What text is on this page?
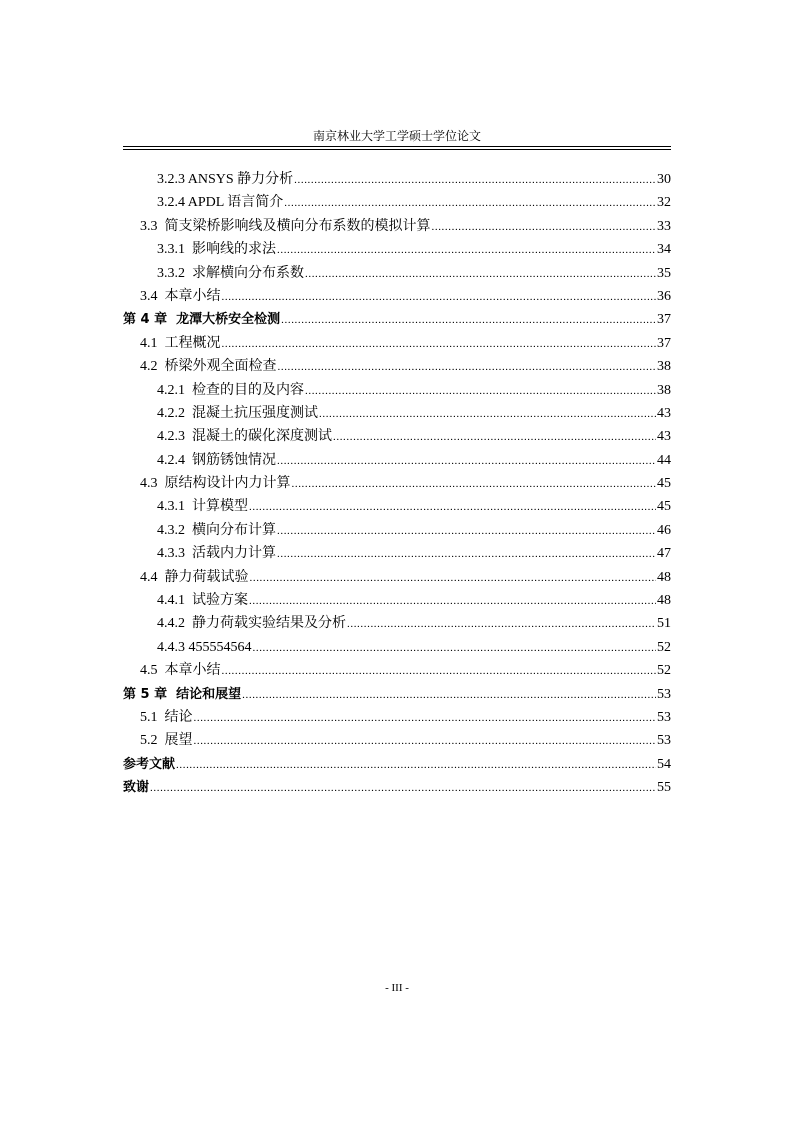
南京林业大学工学硕士学位论文
3.2.3 ANSYS 静力分析 .....	30
3.2.4 APDL 语言简介 .....	32
3.3  简支梁桥影响线及横向分布系数的模拟计算 .....	33
3.3.1  影响线的求法 .....	34
3.3.2  求解横向分布系数 .....	35
3.4  本章小结 .....	36
第 4 章  龙潭大桥安全检测 .....	37
4.1  工程概况 .....	37
4.2  桥梁外观全面检查 .....	38
4.2.1  检查的目的及内容 .....	38
4.2.2  混凝土抗压强度测试 .....	43
4.2.3  混凝土的碳化深度测试 .....	43
4.2.4  钢筋锈蚀情况 .....	44
4.3  原结构设计内力计算 .....	45
4.3.1  计算模型 .....	45
4.3.2  横向分布计算 .....	46
4.3.3  活载内力计算 .....	47
4.4  静力荷载试验 .....	48
4.4.1  试验方案 .....	48
4.4.2  静力荷载实验结果及分析 .....	51
4.4.3 455554564 .....	52
4.5  本章小结 .....	52
第 5 章  结论和展望 .....	53
5.1  结论 .....	53
5.2  展望 .....	53
参考文献 .....	54
致谢 .....	55
- III -
